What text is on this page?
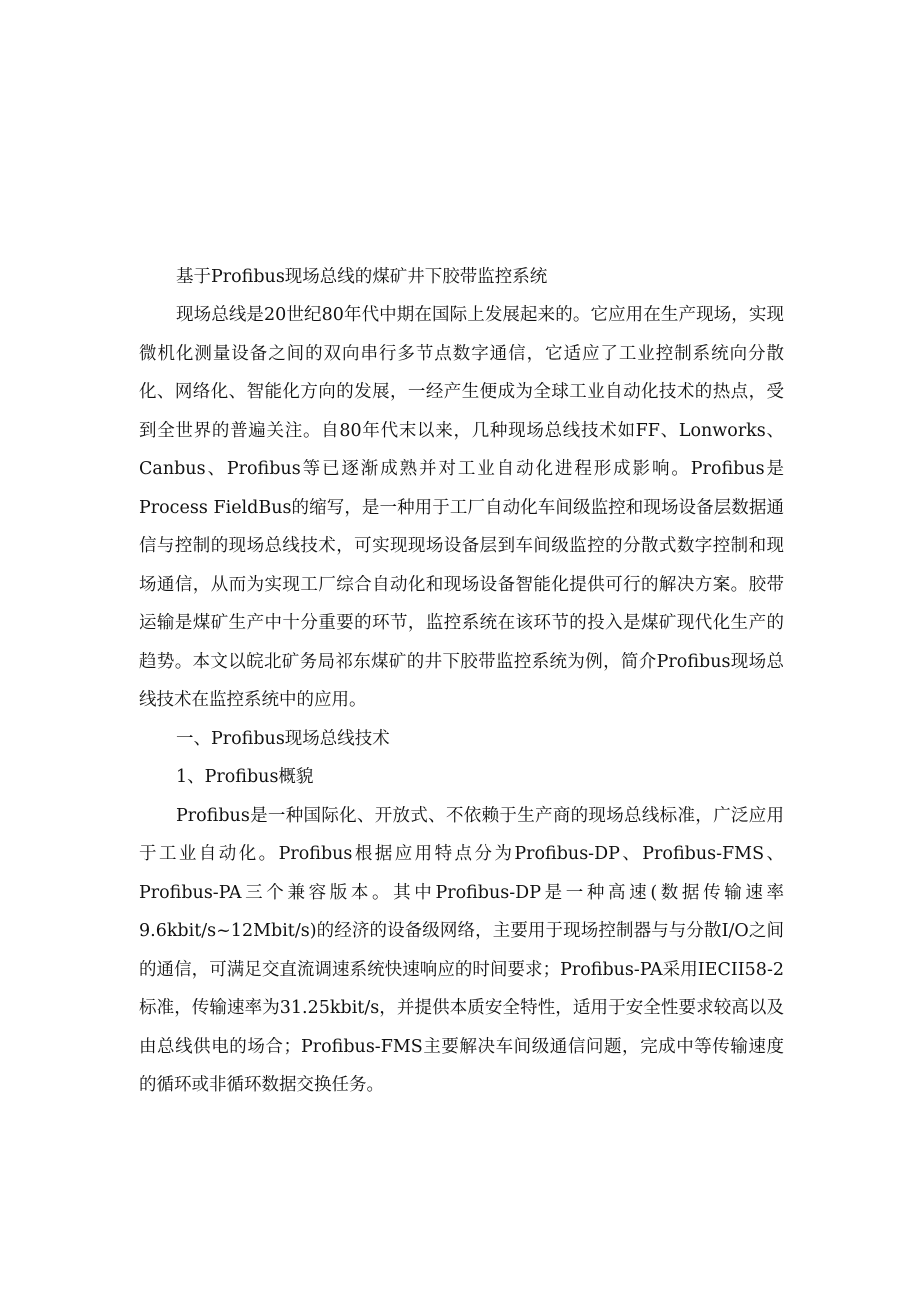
基于Profibus现场总线的煤矿井下胶带监控系统

现场总线是20世纪80年代中期在国际上发展起来的。它应用在生产现场，实现微机化测量设备之间的双向串行多节点数字通信，它适应了工业控制系统向分散化、网络化、智能化方向的发展，一经产生便成为全球工业自动化技术的热点，受到全世界的普遍关注。自80年代末以来，几种现场总线技术如FF、Lonworks、Canbus、Profibus等已逐渐成熟并对工业自动化进程形成影响。Profibus是Process FieldBus的缩写，是一种用于工厂自动化车间级监控和现场设备层数据通信与控制的现场总线技术，可实现现场设备层到车间级监控的分散式数字控制和现场通信，从而为实现工厂综合自动化和现场设备智能化提供可行的解决方案。胶带运输是煤矿生产中十分重要的环节，监控系统在该环节的投入是煤矿现代化生产的趋势。本文以皖北矿务局祁东煤矿的井下胶带监控系统为例，简介Profibus现场总线技术在监控系统中的应用。

一、Profibus现场总线技术
1、Profibus概貌

Profibus是一种国际化、开放式、不依赖于生产商的现场总线标准，广泛应用于工业自动化。Profibus根据应用特点分为Profibus-DP、Profibus-FMS、Profibus-PA三个兼容版本。其中Profibus-DP是一种高速(数据传输速率9.6kbit/s~12Mbit/s)的经济的设备级网络，主要用于现场控制器与与分散I/O之间的通信，可满足交直流调速系统快速响应的时间要求；Profibus-PA采用IECII58-2标准，传输速率为31.25kbit/s，并提供本质安全特性，适用于安全性要求较高以及由总线供电的场合；Profibus-FMS主要解决车间级通信问题，完成中等传输速度的循环或非循环数据交换任务。
